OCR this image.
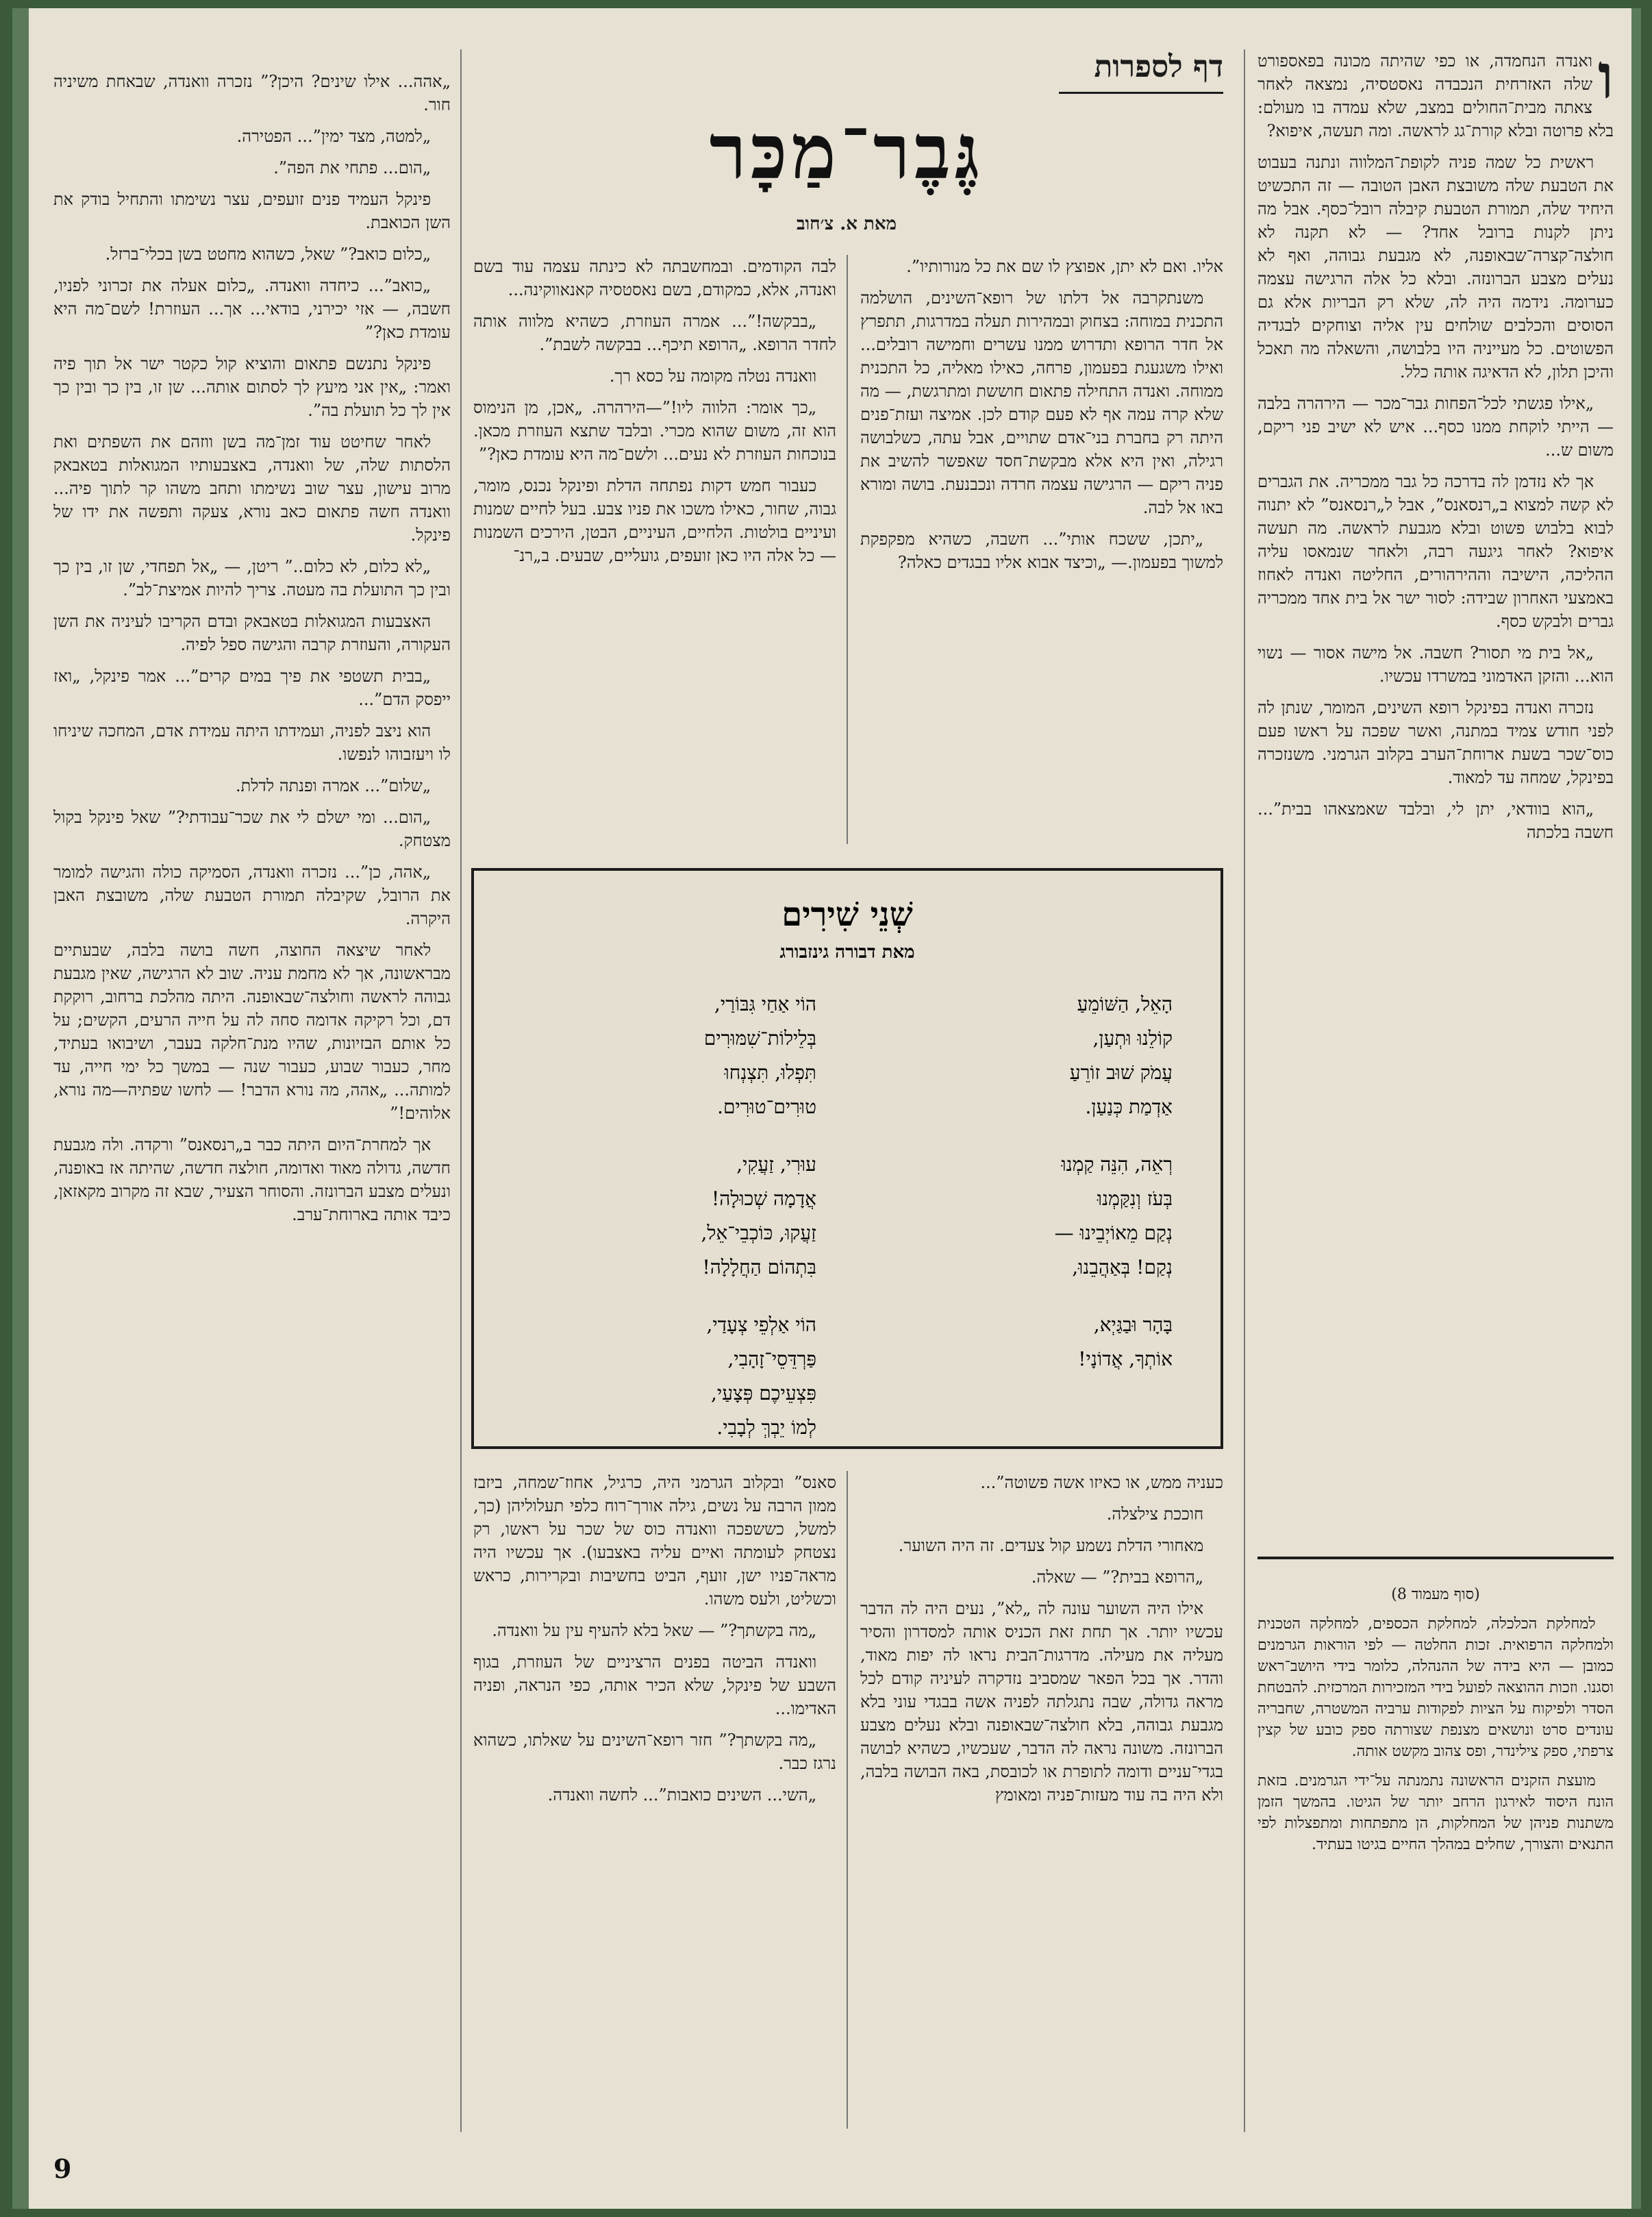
ו
ואנדה הנחמדה, או כפי שהיתה מכונה בפאספורט שלה האזרחית הנכבדה נאסטסיה, נמצאה לאחר צאתה מבית־החולים במצב, שלא עמדה בו מעולם: בלא פרוטה ובלא קורת־גג לראשה. ומה תעשה, איפוא?

ראשית כל שמה פניה לקופת־המלווה ונתנה בעבוט את הטבעת שלה משובצת האבן הטובה — זה התכשיט היחיד שלה, תמורת הטבעת קיבלה רובל־כסף. אבל מה ניתן לקנות ברובל אחד? — לא תקנה לא חולצה־קצרה־שבאופנה, לא מגבעת גבוהה, ואף לא נעלים מצבע הברונזה. ובלא כל אלה הרגישה עצמה כערומה. נידמה היה לה, שלא רק הבריות אלא גם הסוסים והכלבים שולחים עין אליה וצוחקים לבגדיה הפשוטים. כל מעייניה היו בלבושה, והשאלה מה תאכל והיכן תלון, לא הדאיגה אותה כלל.

„אילו פגשתי לכל־הפחות גבר־מכר — הירהרה בלבה — הייתי לוקחת ממנו כסף... איש לא ישיב פני ריקם, משום ש...

אך לא נזדמן לה בדרכה כל גבר ממכריה. את הגברים לא קשה למצוא ב„רנסאנס”, אבל ל„רנסאנס” לא יתנוה לבוא בלבוש פשוט ובלא מגבעת לראשה. מה תעשה איפוא? לאחר גיגעה רבה, ולאחר שנמאסו עליה ההליכה, הישיבה וההירהורים, החליטה ואנדה לאחוז באמצעי האחרון שבידה: לסור ישר אל בית אחד ממכריה גברים ולבקש כסף.

„אל בית מי תסור? חשבה. אל מישה אסור — נשוי הוא... והזקן האדמוני במשרדו עכשיו.

נזכרה ואנדה בפינקל רופא השינים, המומר, שנתן לה לפני חודש צמיד במתנה, ואשר שפכה על ראשו פעם כוס־שכר בשעת ארוחת־הערב בקלוב הגרמני. משנזכרה בפינקל, שמחה עד למאוד.

„הוא בוודאי, יתן לי, ובלבד שאמצאהו בבית”... חשבה בלכתה

(סוף מעמוד 8)

למחלקת הכלכלה, למחלקת הכספים, למחלקה הטכנית ולמחלקה הרפואית. זכות החלטה — לפי הוראות הגרמנים כמובן — היא בידה של ההנהלה, כלומר בידי היושב־ראש וסגנו. וזכות ההוצאה לפועל בידי המזכירות המרכזית. להבטחת הסדר ולפיקוח על הציות לפקודות ערביה המשטרה, שחבריה עונדים סרט ונושאים מצנפת שצורתה ספק כובע של קצין צרפתי, ספק צילינדר, ופס צהוב מקשט אותה.

מועצת הזקנים הראשונה נתמנתה על־ידי הגרמנים. בזאת הונח היסוד לאירגון הרחב יותר של הגיטו. בהמשך הזמן משתנות פניהן של המחלקות, הן מתפתחות ומתפצלות לפי התנאים והצורך, שחלים במהלך החיים בגיטו בעתיד.

דף לספרות
גֶּבֶר־מַכָּר
מאת א. צ׳חוב

אליו. ואם לא יתן, אפוצץ לו שם את כל מנורותיו”.

משנתקרבה אל דלתו של רופא־השינים, הושלמה התכנית במוחה: בצחוק ובמהירות תעלה במדרגות, תתפרץ אל חדר הרופא ותדרוש ממנו עשרים וחמישה רובלים... ואילו משגעגת בפעמון, פרחה, כאילו מאליה, כל התכנית ממוחה. ואנדה התחילה פתאום חוששת ומתרגשת, — מה שלא קרה עמה אף לא פעם קודם לכן. אמיצה ועזת־פנים היתה רק בחברת בני־אדם שתויים, אבל עתה, כשלבושה רגילה, ואין היא אלא מבקשת־חסד שאפשר להשיב את פניה ריקם — הרגישה עצמה חרדה ונכבנעת. בושה ומורא באו אל לבה.

„יתכן, ששכח אותי”... חשבה, כשהיא מפקפקת למשוך בפעמון.— „וכיצד אבוא אליו בבגדים כאלה?

לבה הקודמים. ובמחשבתה לא כינתה עצמה עוד בשם ואנדה, אלא, כמקודם, בשם נאסטסיה קאנאווקינה...

„בבקשה!”... אמרה העוזרת, כשהיא מלווה אותה לחדר הרופא. „הרופא תיכף... בבקשה לשבת”.

וואנדה נטלה מקומה על כסא רך.

„כך אומר: הלווה ליו!”—הירהרה. „אכן, מן הנימוס הוא זה, משום שהוא מכרי. ובלבד שתצא העוזרת מכאן. בנוכחות העוזרת לא נעים... ולשם־מה היא עומדת כאן?”

כעבור חמש דקות נפתחה הדלת ופינקל נכנס, מומר, גבוה, שחור, כאילו משכו את פניו צבע. בעל לחיים שמנות ועיניים בולטות. הלחיים, העיניים, הבטן, הירכים השמנות — כל אלה היו כאן זועפים, גועליים, שבעים. ב„רנ־

„אהה... אילו שינים? היכן?” נזכרה וואנדה, שבאחת משיניה חור.

„למטה, מצד ימין”... הפטירה.

„הום... פתחי את הפה”.

פינקל העמיד פנים זועפים, עצר נשימתו והתחיל בודק את השן הכואבת.

„כלום כואב?” שאל, כשהוא מחטט בשן בכלי־ברזל.

„כואב”... כיחדה וואנדה. „כלום אעלה את זכרוני לפניו, חשבה, — אזי יכירני, בודאי... אך... העוזרת! לשם־מה היא עומדת כאן?”

פינקל נתנשם פתאום והוציא קול כקטר ישר אל תוך פיה ואמר: „אין אני מיעץ לך לסתום אותה... שן זו, בין כך ובין כך אין לך כל תועלת בה”.

לאחר שחיטט עוד זמן־מה בשן ווזהם את השפתים ואת הלסתות שלה, של וואנדה, באצבעותיו המגואלות בטאבאק מרוב עישון, עצר שוב נשימתו ותחב משהו קר לתוך פיה... וואנדה חשה פתאום כאב נורא, צעקה ותפשה את ידו של פינקל.

„לא כלום, לא כלום..” ריטן, — „אל תפחדי, שן זו, בין כך ובין כך התועלת בה מעטה. צריך להיות אמיצת־לב”.

האצבעות המגואלות בטאבאק ובדם הקריבו לעיניה את השן העקורה, והעוזרת קרבה והגישה ספל לפיה.

„בבית תשטפי את פיך במים קרים”... אמר פינקל, „ואז ייפסק הדם”...

הוא ניצב לפניה, ועמידתו היתה עמידת אדם, המחכה שיניחו לו ויעזבוהו לנפשו.

„שלום”... אמרה ופנתה לדלת.

„הום... ומי ישלם לי את שכר־עבודתי?” שאל פינקל בקול מצטחק.

„אהה, כן”... נזכרה וואנדה, הסמיקה כולה והגישה למומר את הרובל, שקיבלה תמורת הטבעת שלה, משובצת האבן היקרה.

לאחר שיצאה החוצה, חשה בושה בלבה, שבעתיים מבראשונה, אך לא מחמת עניה. שוב לא הרגישה, שאין מגבעת גבוהה לראשה וחולצה־שבאופנה. היתה מהלכת ברחוב, רוקקת דם, וכל רקיקה אדומה סחה לה על חייה הרעים, הקשים; על כל אותם הבזיונות, שהיו מנת־חלקה בעבר, ושיבואו בעתיד, מחר, כעבור שבוע, כעבור שנה — במשך כל ימי חייה, עד למותה... „אהה, מה נורא הדבר! — לחשו שפתיה—מה נורא, אלוהים!”

אך למחרת־היום היתה כבר ב„רנסאנס” ורקדה. ולה מגבעת חדשה, גדולה מאוד ואדומה, חולצה חדשה, שהיתה אז באופנה, ונעלים מצבע הברונזה. והסוחר הצעיר, שבא זה מקרוב מקאזאן, כיבד אותה בארוחת־ערב.

שְׁנֵי שִׁירִים
מאת דבורה גינזבורג
הָאֵל, הַשּׁוֹמֵעַ
קוֹלֵנוּ וּתְעַן,
עֲמֹק שׁוּב זוֹרֵעַ
אַדְמַת כְּנַעַן.
רְאֵה, הִנֵּה קַמְנוּ
בְּעֹז וְנִקַּמְנוּ
נְקַם מֵאוֹיְבֵינוּ —
נְקַם! בְּאַהֲבֵנוּ,
בָּהָר וּבַגַּיְא,
אוֹתְךָ, אֲדוֹנָי!
הוֹי אַחַי גִּבּוֹרַי,
בְּלֵילוֹת־שִׁמּוּרִים
תִּפְלוּ, תִּצְנְחוּ
טוּרִים־טוּרִים.
עוּרִי, זַעֲקִי,
אֲדָמָה שְׁכוּלָה!
זַעֲקוּ, כּוֹכְבֵי־אֵל,
בִּתְהוֹם הַחֲלָלָה!
הוֹי אַלְפֵי צְעָדַי,
פַּרְדֵּסֵי־זָהָבִי,
פִּצְעֵיכֶם פְּצָעַי,
לְמוֹ יֵבְךְּ לְבָבִי.

כעניה ממש, או כאיזו אשה פשוטה”...

חוככת צילצלה.

מאחורי הדלת נשמע קול צעדים. זה היה השוער.

„הרופא בבית?” — שאלה.

אילו היה השוער עונה לה „לא”, נעים היה לה הדבר עכשיו יותר. אך תחת זאת הכניס אותה למסדרון והסיר מעליה את מעילה. מדרגות־הבית נראו לה יפות מאוד, והדר. אך בכל הפאר שמסביב נזדקרה לעיניה קודם לכל מראה גדולה, שבה נתגלתה לפניה אשה בבגדי עוני בלא מגבעת גבוהה, בלא חולצה־שבאופנה ובלא נעלים מצבע הברונזה. משונה נראה לה הדבר, שעכשיו, כשהיא לבושה בגדי־עניים ודומה לתופרת או לכובסת, באה הבושה בלבה, ולא היה בה עוד מעזות־פניה ומאומץ

סאנס” ובקלוב הגרמני היה, כרגיל, אחוז־שמחה, ביזבז ממון הרבה על נשים, גילה אורך־רוח כלפי תעלוליהן (כך, למשל, כששפכה וואנדה כוס של שכר על ראשו, רק נצטחק לעומתה ואיים עליה באצבעו). אך עכשיו היה מראה־פניו ישן, זועף, הביט בחשיבות ובקרירות, כראש וכשליט, ולעס משהו.

„מה בקשתך?” — שאל בלא להעיף עין על וואנדה.

וואנדה הביטה בפנים הרציניים של העוזרת, בגוף השבע של פינקל, שלא הכיר אותה, כפי הנראה, ופניה האדימו...

„מה בקשתך?” חזר רופא־השינים על שאלתו, כשהוא נרגז כבר.

„השי... השינים כואבות”... לחשה וואנדה.

9
